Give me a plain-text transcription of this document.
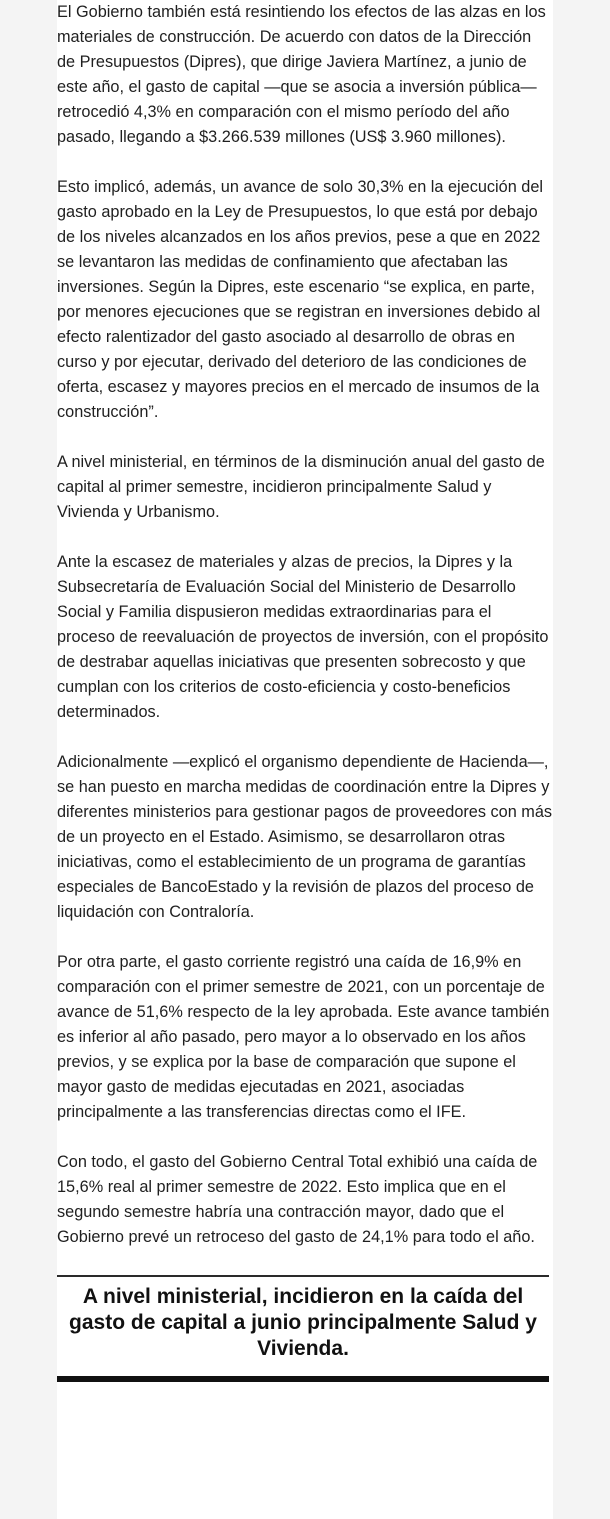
El Gobierno también está resintiendo los efectos de las alzas en los materiales de construcción. De acuerdo con datos de la Dirección de Presupuestos (Dipres), que dirige Javiera Martínez, a junio de este año, el gasto de capital —que se asocia a inversión pública— retrocedió 4,3% en comparación con el mismo período del año pasado, llegando a $3.266.539 millones (US$ 3.960 millones).

Esto implicó, además, un avance de solo 30,3% en la ejecución del gasto aprobado en la Ley de Presupuestos, lo que está por debajo de los niveles alcanzados en los años previos, pese a que en 2022 se levantaron las medidas de confinamiento que afectaban las inversiones. Según la Dipres, este escenario “se explica, en parte, por menores ejecuciones que se registran en inversiones debido al efecto ralentizador del gasto asociado al desarrollo de obras en curso y por ejecutar, derivado del deterioro de las condiciones de oferta, escasez y mayores precios en el mercado de insumos de la construcción”.

A nivel ministerial, en términos de la disminución anual del gasto de capital al primer semestre, incidieron principalmente Salud y Vivienda y Urbanismo.

Ante la escasez de materiales y alzas de precios, la Dipres y la Subsecretaría de Evaluación Social del Ministerio de Desarrollo Social y Familia dispusieron medidas extraordinarias para el proceso de reevaluación de proyectos de inversión, con el propósito de destrabar aquellas iniciativas que presenten sobrecosto y que cumplan con los criterios de costo-eficiencia y costo-beneficios determinados.

Adicionalmente —explicó el organismo dependiente de Hacienda—, se han puesto en marcha medidas de coordinación entre la Dipres y diferentes ministerios para gestionar pagos de proveedores con más de un proyecto en el Estado. Asimismo, se desarrollaron otras iniciativas, como el establecimiento de un programa de garantías especiales de BancoEstado y la revisión de plazos del proceso de liquidación con Contraloría.

Por otra parte, el gasto corriente registró una caída de 16,9% en comparación con el primer semestre de 2021, con un porcentaje de avance de 51,6% respecto de la ley aprobada. Este avance también es inferior al año pasado, pero mayor a lo observado en los años previos, y se explica por la base de comparación que supone el mayor gasto de medidas ejecutadas en 2021, asociadas principalmente a las transferencias directas como el IFE.

Con todo, el gasto del Gobierno Central Total exhibió una caída de 15,6% real al primer semestre de 2022. Esto implica que en el segundo semestre habría una contracción mayor, dado que el Gobierno prevé un retroceso del gasto de 24,1% para todo el año.

A nivel ministerial, incidieron en la caída del gasto de capital a junio principalmente Salud y Vivienda.
